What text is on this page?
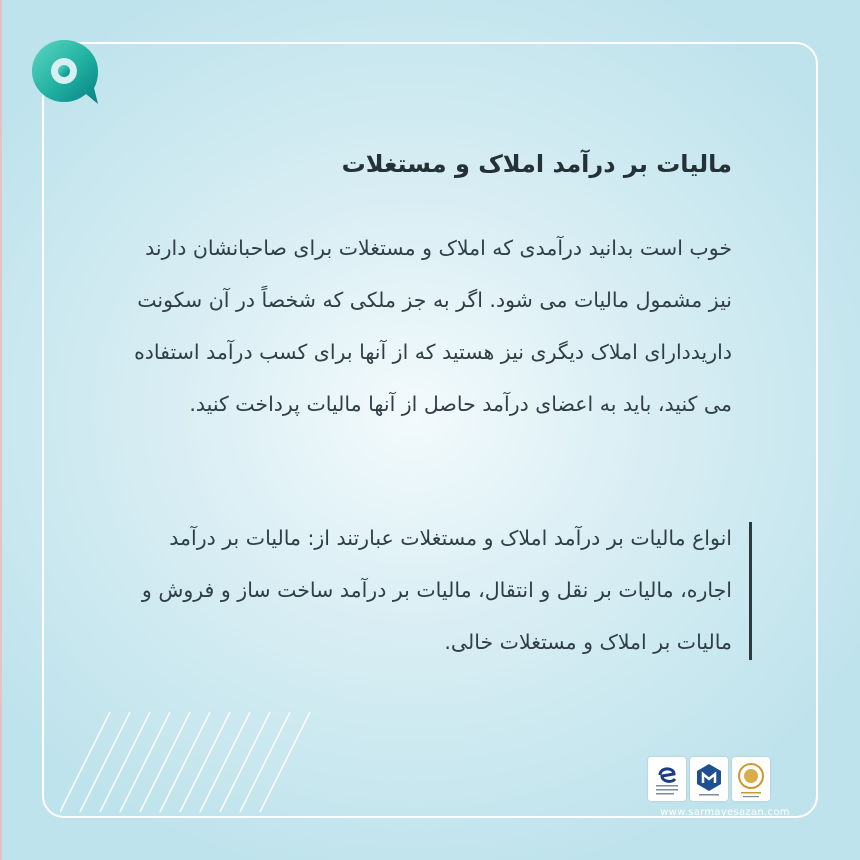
مالیات بر درآمد املاک و مستغلات
خوب است بدانید درآمدی که املاک و مستغلات برای صاحبانشان دارند نیز مشمول مالیات می شود. اگر به جز ملکی که شخصاً در آن سکونت داریددارای املاک دیگری نیز هستید که از آنها برای کسب درآمد استفاده می کنید، باید به اعضای درآمد حاصل از آنها مالیات پرداخت کنید.
انواع مالیات بر درآمد املاک و مستغلات عبارتند از: مالیات بر درآمد اجاره، مالیات بر نقل و انتقال، مالیات بر درآمد ساخت ساز و فروش و مالیات بر املاک و مستغلات خالی.
www.sarmayesazan.com
